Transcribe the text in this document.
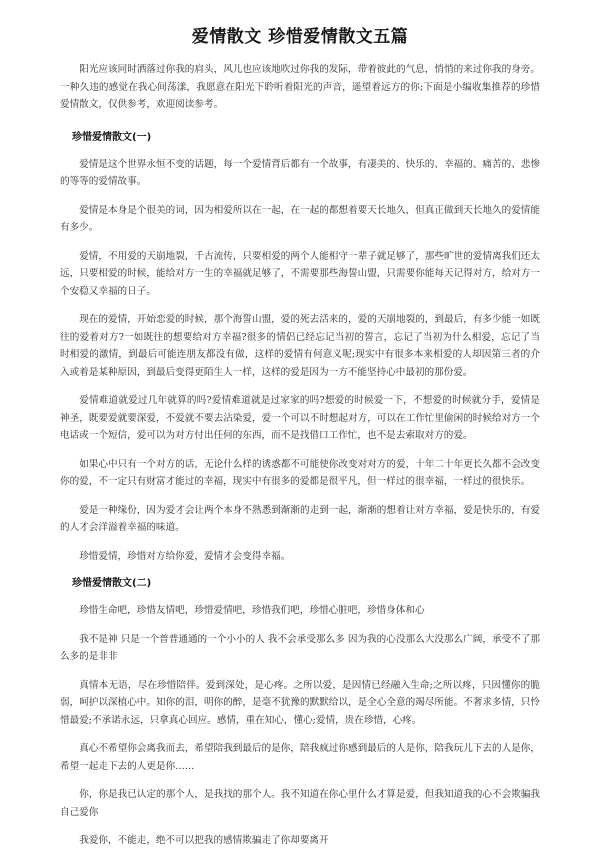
爱情散文 珍惜爱情散文五篇

阳光应该同时洒落过你我的肩头，风儿也应该地吹过你我的发际，带着彼此的气息，悄悄的来过你我的身旁。一种久违的感觉在我心间荡漾，我愿意在阳光下聆听着阳光的声音，遥望着远方的你;下面是小编收集推荐的珍惜爱情散文，仅供参考，欢迎阅读参考。

珍惜爱情散文(一)

爱情是这个世界永恒不变的话题，每一个爱情背后都有一个故事，有凄美的、快乐的、幸福的、痛苦的、悲惨的等等的爱情故事。

爱情是本身是个很美的词，因为相爱所以在一起，在一起的都想着要天长地久，但真正做到天长地久的爱情能有多少。

爱情，不用爱的天崩地裂，千古流传，只要相爱的两个人能相守一辈子就足够了，那些旷世的爱情离我们还太远，只要相爱的时候，能给对方一生的幸福就足够了，不需要那些海誓山盟，只需要你能每天记得对方，给对方一个安稳又幸福的日子。

现在的爱情，开始恋爱的时候，那个海誓山盟，爱的死去活来的，爱的天崩地裂的，到最后，有多少能一如既往的爱着对方?一如既往的想要给对方幸福?很多的情侣已经忘记当初的誓言，忘记了当初为什么相爱，忘记了当时相爱的激情，到最后可能连朋友都没有做，这样的爱情有何意义呢;现实中有很多本来相爱的人却因第三者的介入或着是某种原因，到最后变得更陌生人一样，这样的爱是因为一方不能坚持心中最初的那份爱。

爱情难道就爱过几年就算的吗?爱情难道就是过家家的吗?想爱的时候爱一下，不想爱的时候就分手，爱情是神圣，既要爱就要深爱，不爱就不要去沾染爱，爱一个可以不时想起对方，可以在工作忙里偷闲的时候给对方一个电话或一个短信，爱可以为对方付出任何的东西，而不是找借口工作忙，也不是去索取对方的爱。

如果心中只有一个对方的话，无论什么样的诱惑都不可能使你改变对对方的爱，十年二十年更长久都不会改变你的爱，不一定只有财富才能过的幸福，现实中有很多的爱都是很平凡，但一样过的很幸福，一样过的很快乐。

爱是一种缘份，因为爱才会让两个本身不熟悉到渐渐的走到一起，渐渐的想着让对方幸福，爱是快乐的，有爱的人才会洋溢着幸福的味道。

珍惜爱情，珍惜对方给你爱，爱情才会变得幸福。

珍惜爱情散文(二)

珍惜生命吧，珍惜友情吧，珍惜爱情吧，珍惜我们吧，珍惜心脏吧，珍惜身体和心

我不是神 只是一个普普通通的一个小小的人 我不会承受那么多 因为我的心没那么大没那么广阔，承受不了那么多的是非非

真情本无语，尽在珍惜陪伴。爱到深处，是心疼。之所以爱，是因情已经融入生命;之所以疼，只因懂你的脆弱，呵护以深植心中。知你的泪，明你的醉，是毫不犹豫的默默给以，是全心全意的竭尽所能。不奢求多情，只怜惜最爱;不承诺永远，只拿真心回应。感情，重在知心，懂心;爱情，贵在珍惜，心疼。

真心不希望你会离我而去，希望陪我到最后的是你，陪我疯过你感到最后的人是你，陪我玩儿下去的人是你，希望一起走下去的人更是你……

你，你是我已认定的那个人，是我找的那个人。我不知道在你心里什么才算是爱，但我知道我的心不会欺骗我自己爱你

我爱你，不能走，绝不可以把我的感情欺骗走了你却要离开
